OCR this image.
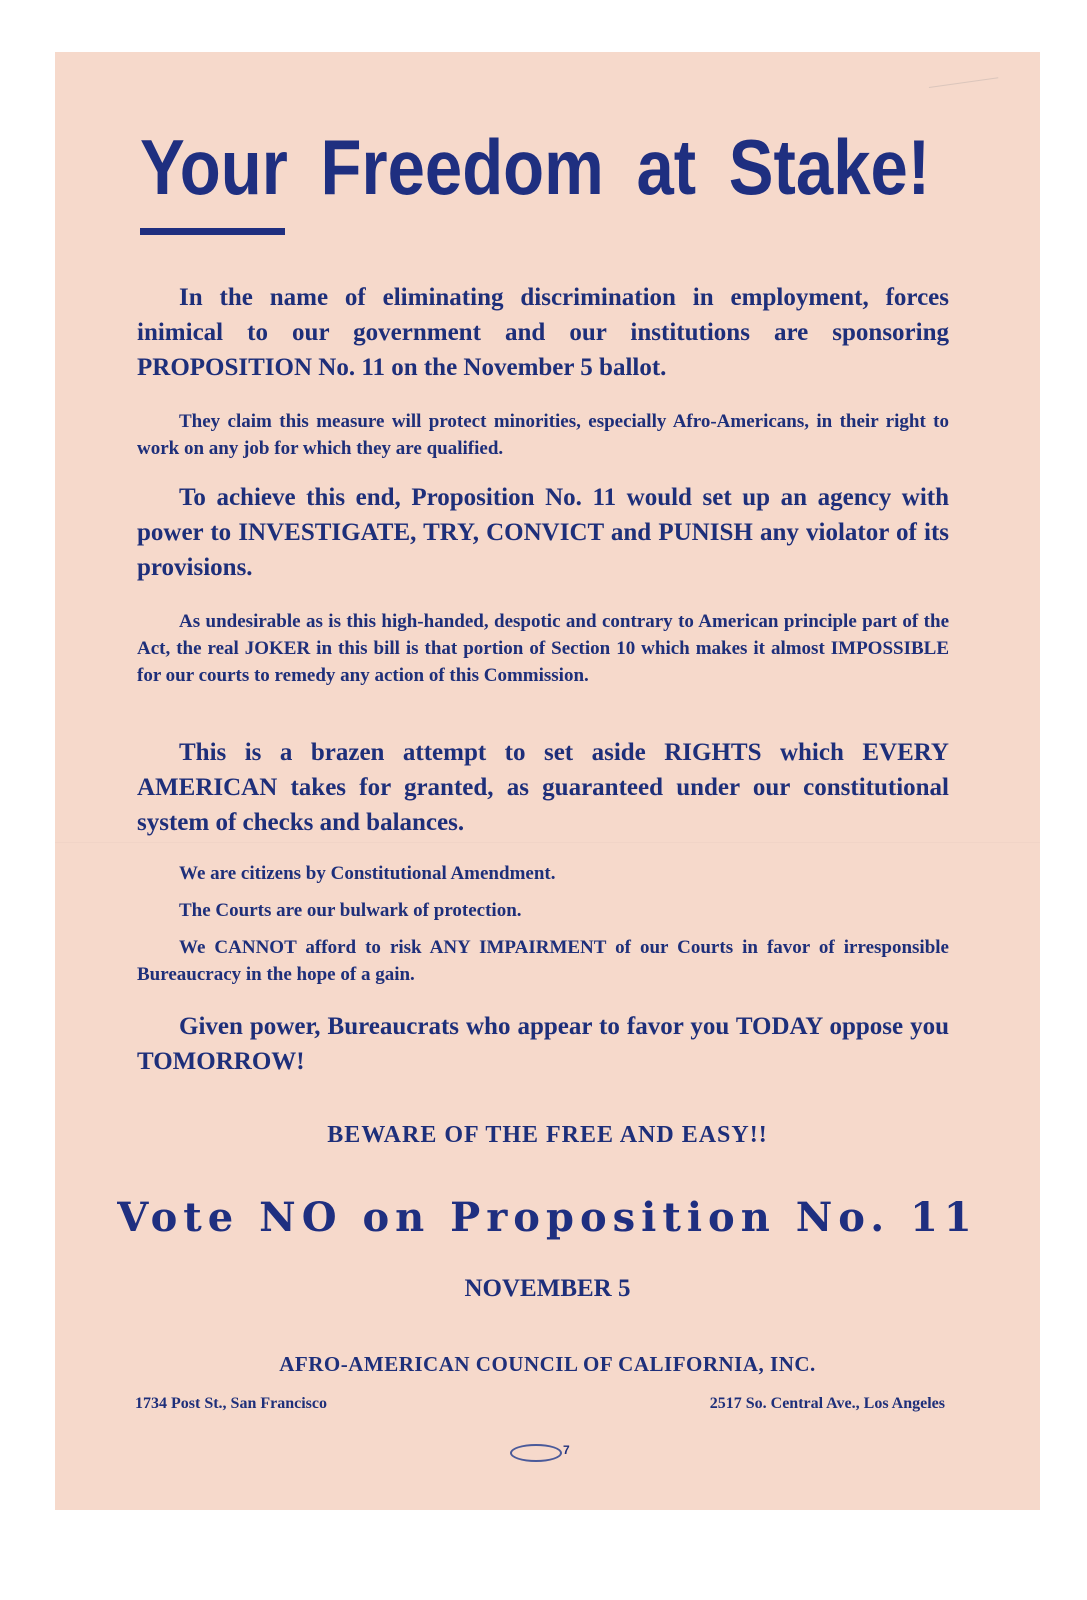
Your Freedom at Stake!

In the name of eliminating discrimination in employment, forces inimical to our government and our institutions are sponsoring PROPOSITION No. 11 on the November 5 ballot.

They claim this measure will protect minorities, especially Afro-Americans, in their right to work on any job for which they are qualified.

To achieve this end, Proposition No. 11 would set up an agency with power to INVESTIGATE, TRY, CONVICT and PUNISH any violator of its provisions.

As undesirable as is this high-handed, despotic and contrary to American principle part of the Act, the real JOKER in this bill is that portion of Section 10 which makes it almost IMPOSSIBLE for our courts to remedy any action of this Commission.

This is a brazen attempt to set aside RIGHTS which EVERY AMERICAN takes for granted, as guaranteed under our constitutional system of checks and balances.

We are citizens by Constitutional Amendment.

The Courts are our bulwark of protection.

We CANNOT afford to risk ANY IMPAIRMENT of our Courts in favor of irresponsible Bureaucracy in the hope of a gain.

Given power, Bureaucrats who appear to favor you TODAY oppose you TOMORROW!

BEWARE OF THE FREE AND EASY!!
Vote NO on Proposition No. 11
NOVEMBER 5
AFRO-AMERICAN COUNCIL OF CALIFORNIA, INC.
1734 Post St., San Francisco	2517 So. Central Ave., Los Angeles
7
